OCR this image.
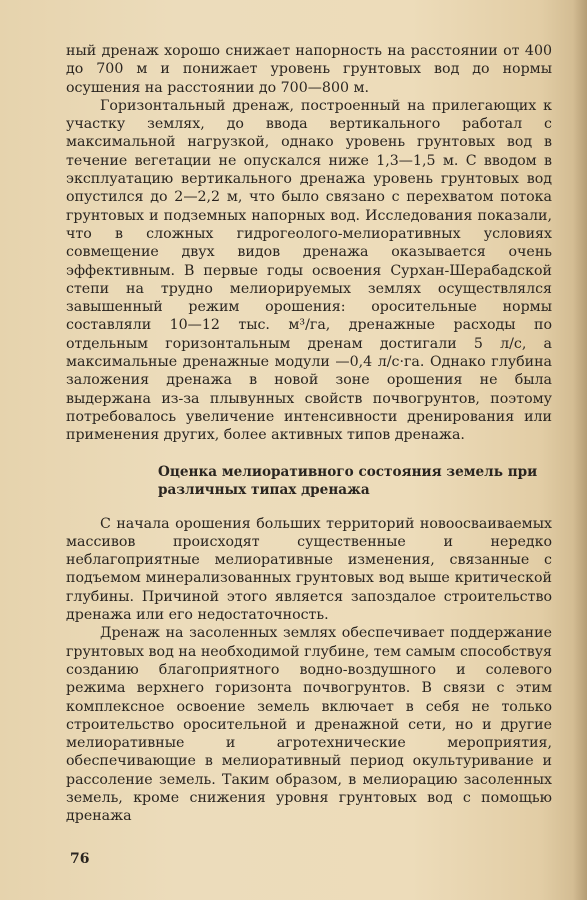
ный дренаж хорошо снижает напорность на расстоянии от 400 до 700 м и понижает уровень грунтовых вод до нормы осушения на расстоянии до 700—800 м.

Горизонтальный дренаж, построенный на прилегающих к участку землях, до ввода вертикального работал с максимальной нагрузкой, однако уровень грунтовых вод в течение вегетации не опускался ниже 1,3—1,5 м. С вводом в эксплуатацию вертикального дренажа уровень грунтовых вод опустился до 2—2,2 м, что было связано с перехватом потока грунтовых и подземных напорных вод. Исследования показали, что в сложных гидрогеолого-мелиоративных условиях совмещение двух видов дренажа оказывается очень эффективным. В первые годы освоения Сурхан-Шерабадской степи на трудно мелиорируемых землях осуществлялся завышенный режим орошения: оросительные нормы составляли 10—12 тыс. м³/га, дренажные расходы по отдельным горизонтальным дренам достигали 5 л/с, а максимальные дренажные модули —0,4 л/с·га. Однако глубина заложения дренажа в новой зоне орошения не была выдержана из-за плывунных свойств почвогрунтов, поэтому потребовалось увеличение интенсивности дренирования или применения других, более активных типов дренажа.

Оценка мелиоративного состояния земель при
различных типах дренажа

С начала орошения больших территорий новоосваиваемых массивов происходят существенные и нередко неблагоприятные мелиоративные изменения, связанные с подъемом минерализованных грунтовых вод выше критической глубины. Причиной этого является запоздалое строительство дренажа или его недостаточность.

Дренаж на засоленных землях обеспечивает поддержание грунтовых вод на необходимой глубине, тем самым способствуя созданию благоприятного водно-воздушного и солевого режима верхнего горизонта почвогрунтов. В связи с этим комплексное освоение земель включает в себя не только строительство оросительной и дренажной сети, но и другие мелиоративные и агротехнические мероприятия, обеспечивающие в мелиоративный период окультуривание и рассоление земель. Таким образом, в мелиорацию засоленных земель, кроме снижения уровня грунтовых вод с помощью дренажа

76
